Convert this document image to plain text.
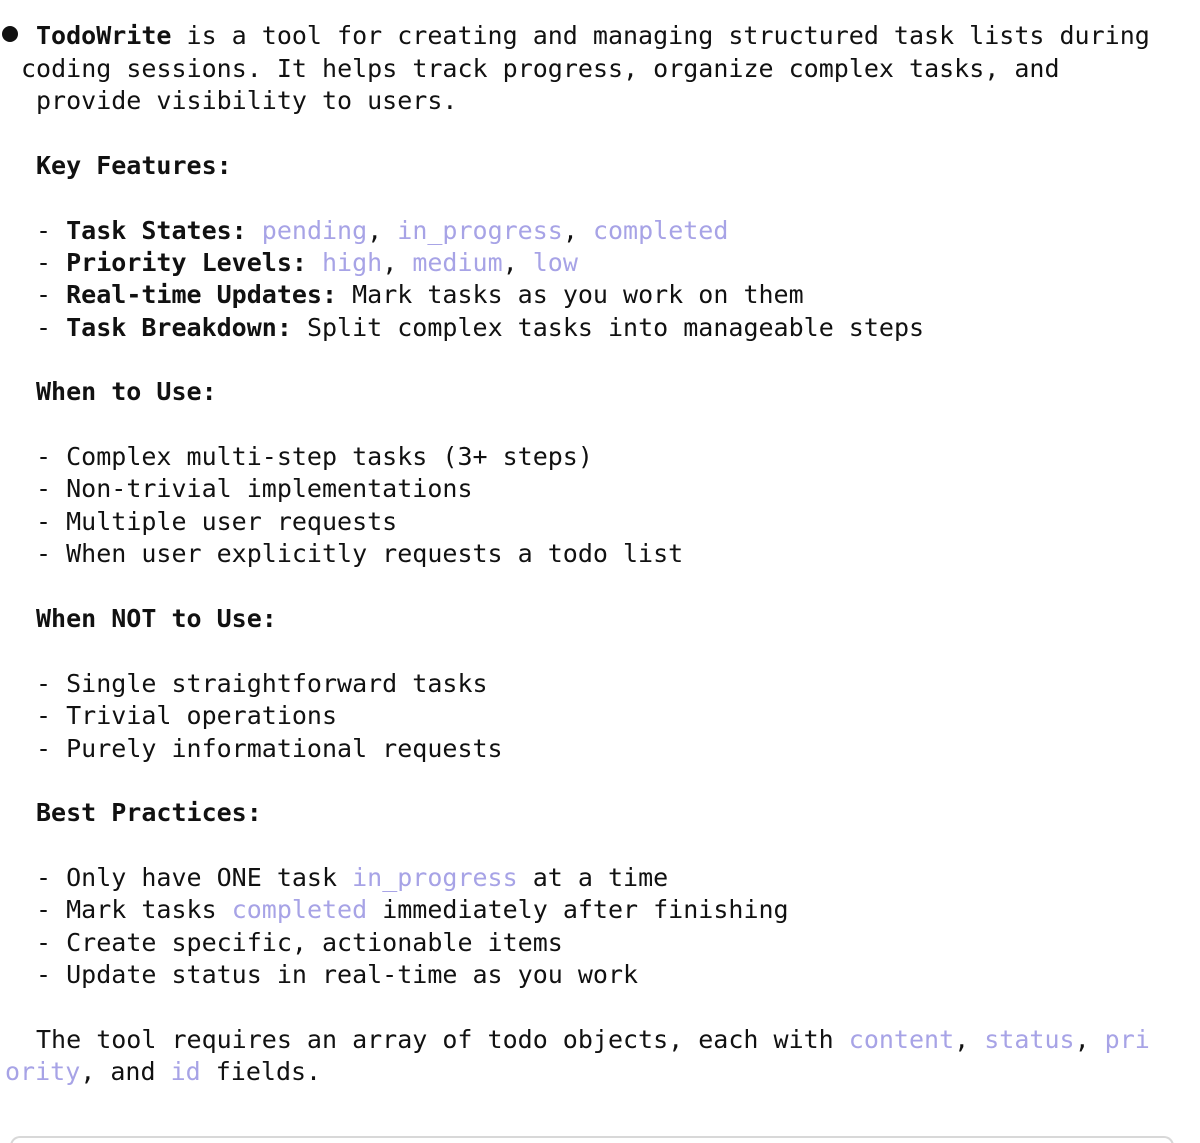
TodoWrite is a tool for creating and managing structured task lists during
coding sessions. It helps track progress, organize complex tasks, and
provide visibility to users.
Key Features:
- Task States: pending, in_progress, completed
- Priority Levels: high, medium, low
- Real-time Updates: Mark tasks as you work on them
- Task Breakdown: Split complex tasks into manageable steps
When to Use:
- Complex multi-step tasks (3+ steps)
- Non-trivial implementations
- Multiple user requests
- When user explicitly requests a todo list
When NOT to Use:
- Single straightforward tasks
- Trivial operations
- Purely informational requests
Best Practices:
- Only have ONE task in_progress at a time
- Mark tasks completed immediately after finishing
- Create specific, actionable items
- Update status in real-time as you work
The tool requires an array of todo objects, each with content, status, pri
ority, and id fields.
